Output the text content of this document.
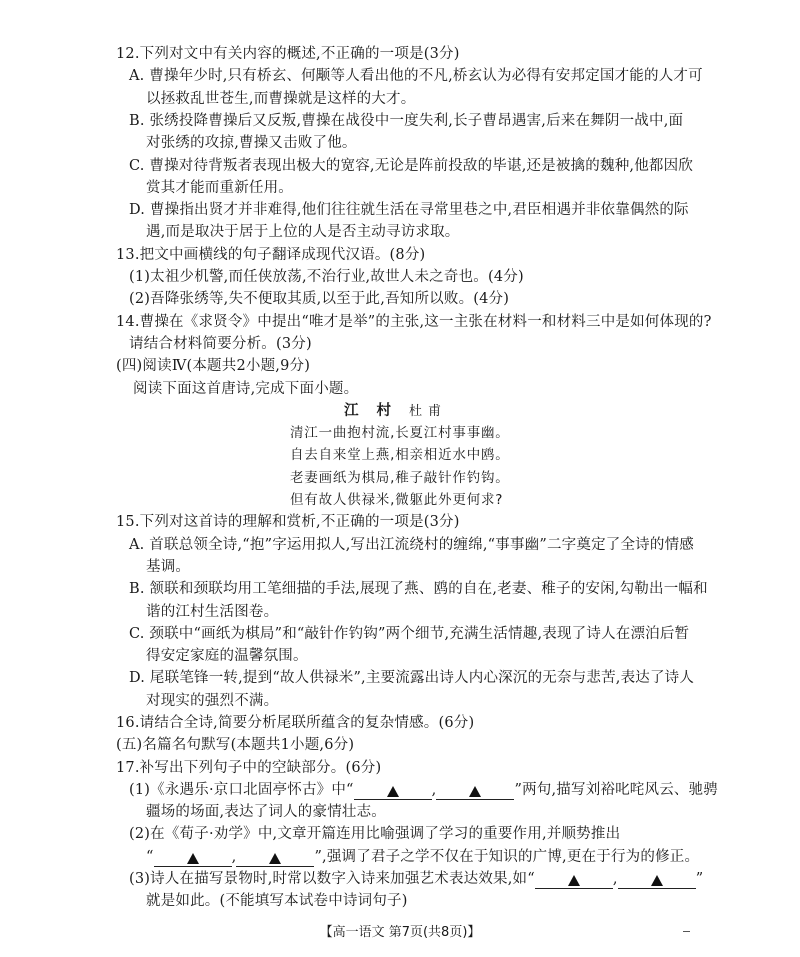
12.下列对文中有关内容的概述,不正确的一项是(3分)
A. 曹操年少时,只有桥玄、何颙等人看出他的不凡,桥玄认为必得有安邦定国才能的人才可
以拯救乱世苍生,而曹操就是这样的大才。
B. 张绣投降曹操后又反叛,曹操在战役中一度失利,长子曹昂遇害,后来在舞阴一战中,面
对张绣的攻掠,曹操又击败了他。
C. 曹操对待背叛者表现出极大的宽容,无论是阵前投敌的毕谌,还是被擒的魏种,他都因欣
赏其才能而重新任用。
D. 曹操指出贤才并非难得,他们往往就生活在寻常里巷之中,君臣相遇并非依靠偶然的际
遇,而是取决于居于上位的人是否主动寻访求取。
13.把文中画横线的句子翻译成现代汉语。(8分)
(1)太祖少机警,而任侠放荡,不治行业,故世人未之奇也。(4分)
(2)吾降张绣等,失不便取其质,以至于此,吾知所以败。(4分)
14.曹操在《求贤令》中提出“唯才是举”的主张,这一主张在材料一和材料三中是如何体现的?
请结合材料简要分析。(3分)
(四)阅读Ⅳ(本题共2小题,9分)
阅读下面这首唐诗,完成下面小题。
江村杜甫
清江一曲抱村流,长夏江村事事幽。
自去自来堂上燕,相亲相近水中鸥。
老妻画纸为棋局,稚子敲针作钓钩。
但有故人供禄米,微躯此外更何求?
15.下列对这首诗的理解和赏析,不正确的一项是(3分)
A. 首联总领全诗,“抱”字运用拟人,写出江流绕村的缠绵,“事事幽”二字奠定了全诗的情感
基调。
B. 颔联和颈联均用工笔细描的手法,展现了燕、鸥的自在,老妻、稚子的安闲,勾勒出一幅和
谐的江村生活图卷。
C. 颈联中“画纸为棋局”和“敲针作钓钩”两个细节,充满生活情趣,表现了诗人在漂泊后暂
得安定家庭的温馨氛围。
D. 尾联笔锋一转,提到“故人供禄米”,主要流露出诗人内心深沉的无奈与悲苦,表达了诗人
对现实的强烈不满。
16.请结合全诗,简要分析尾联所蕴含的复杂情感。(6分)
(五)名篇名句默写(本题共1小题,6分)
17.补写出下列句子中的空缺部分。(6分)
(1)《永遇乐·京口北固亭怀古》中“	,	”两句,描写刘裕叱咤风云、驰骋
疆场的场面,表达了词人的豪情壮志。
(2)在《荀子·劝学》中,文章开篇连用比喻强调了学习的重要作用,并顺势推出
【高一语文 第7页(共8页)】
“	,	”,强调了君子之学不仅在于知识的广博,更在于行为的修正。
(3)诗人在描写景物时,时常以数字入诗来加强艺术表达效果,如“	,	”
就是如此。(不能填写本试卷中诗词句子)
